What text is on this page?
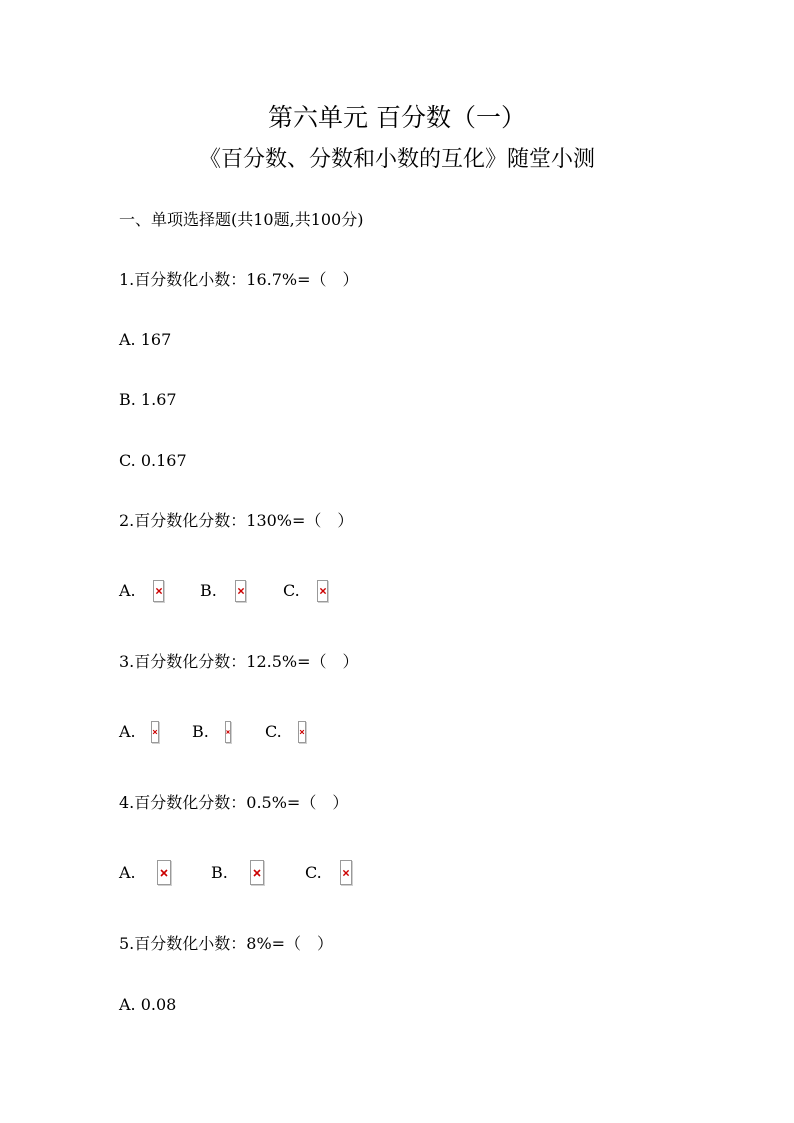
第六单元 百分数（一）
《百分数、分数和小数的互化》随堂小测
一、单项选择题(共10题,共100分)
1.百分数化小数：16.7%=（　）
A. 167
B. 1.67
C. 0.167
2.百分数化分数：130%=（　）
A.	B.	C.
3.百分数化分数：12.5%=（　）
A.	B.	C.
4.百分数化分数：0.5%=（　）
A.	B.	C.
5.百分数化小数：8%=（　）
A. 0.08
